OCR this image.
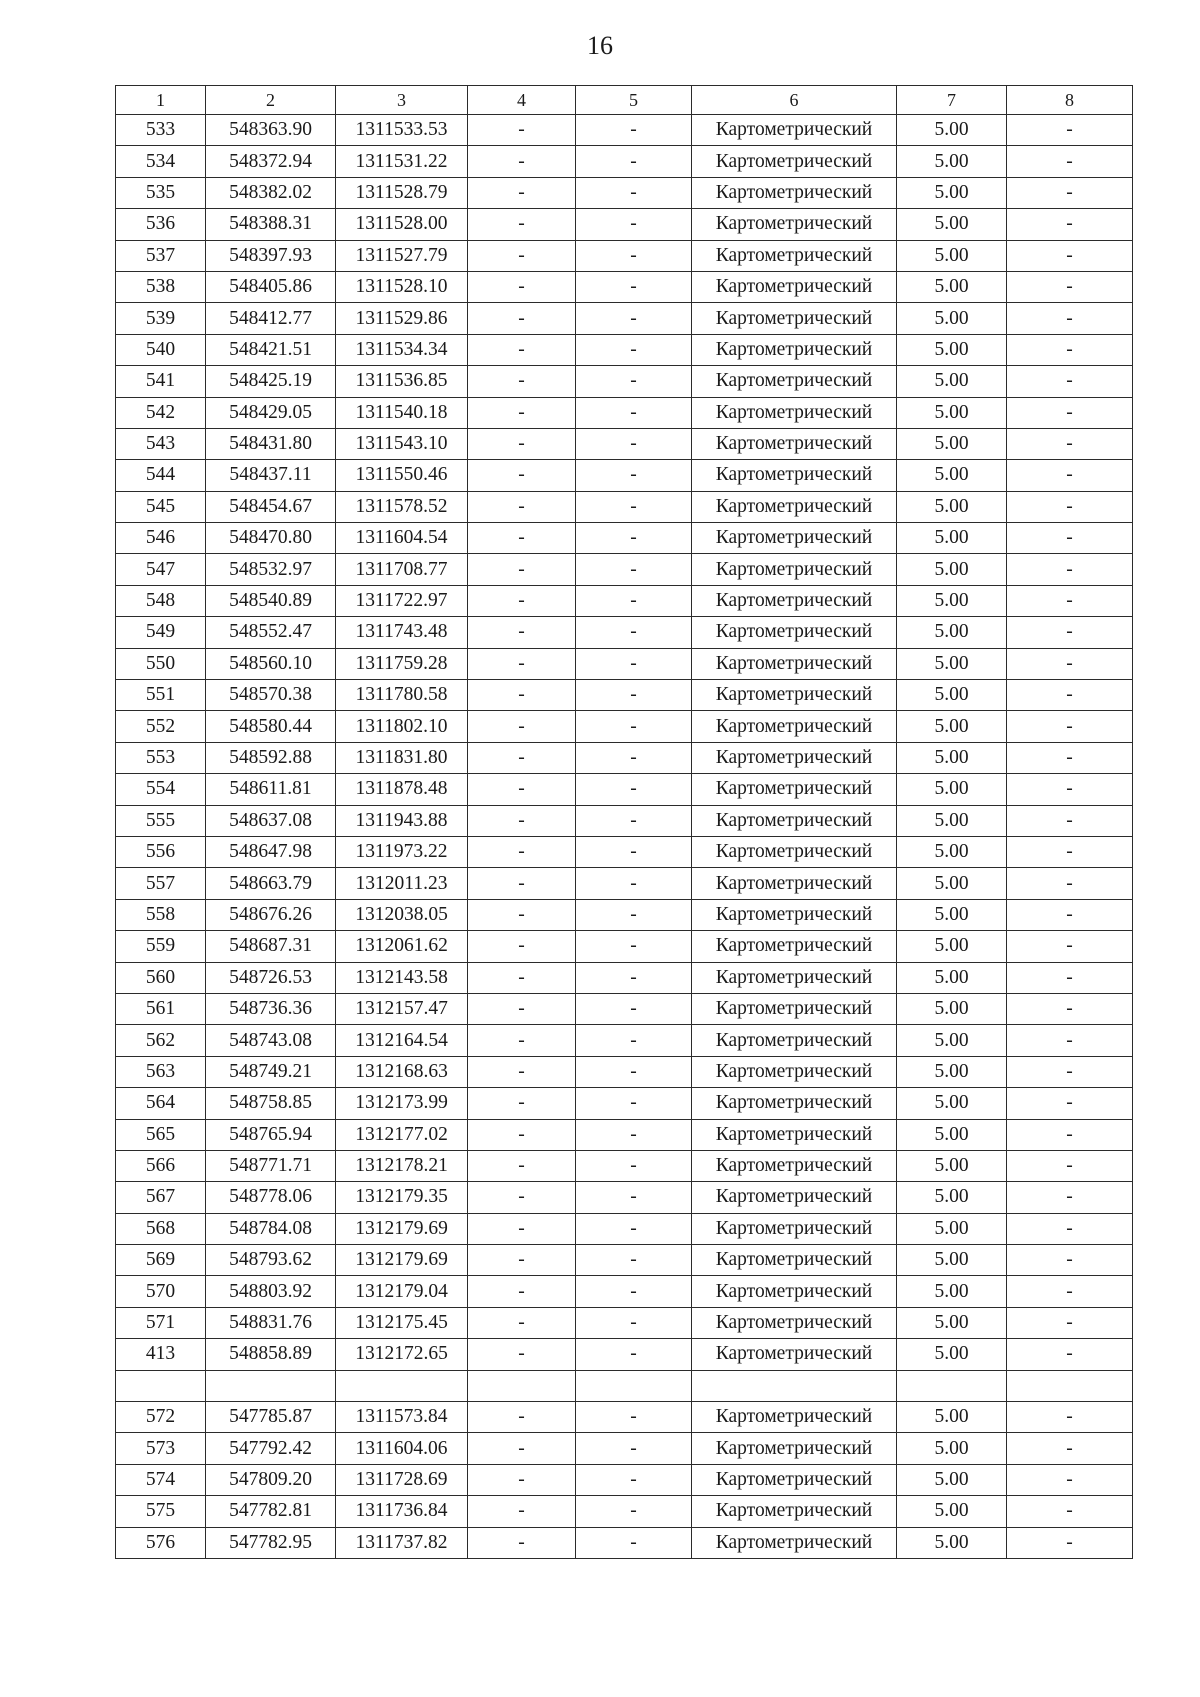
16
1	2	3	4	5	6	7	8
533	548363.90	1311533.53	-	-	Картометрический	5.00	-
534	548372.94	1311531.22	-	-	Картометрический	5.00	-
535	548382.02	1311528.79	-	-	Картометрический	5.00	-
536	548388.31	1311528.00	-	-	Картометрический	5.00	-
537	548397.93	1311527.79	-	-	Картометрический	5.00	-
538	548405.86	1311528.10	-	-	Картометрический	5.00	-
539	548412.77	1311529.86	-	-	Картометрический	5.00	-
540	548421.51	1311534.34	-	-	Картометрический	5.00	-
541	548425.19	1311536.85	-	-	Картометрический	5.00	-
542	548429.05	1311540.18	-	-	Картометрический	5.00	-
543	548431.80	1311543.10	-	-	Картометрический	5.00	-
544	548437.11	1311550.46	-	-	Картометрический	5.00	-
545	548454.67	1311578.52	-	-	Картометрический	5.00	-
546	548470.80	1311604.54	-	-	Картометрический	5.00	-
547	548532.97	1311708.77	-	-	Картометрический	5.00	-
548	548540.89	1311722.97	-	-	Картометрический	5.00	-
549	548552.47	1311743.48	-	-	Картометрический	5.00	-
550	548560.10	1311759.28	-	-	Картометрический	5.00	-
551	548570.38	1311780.58	-	-	Картометрический	5.00	-
552	548580.44	1311802.10	-	-	Картометрический	5.00	-
553	548592.88	1311831.80	-	-	Картометрический	5.00	-
554	548611.81	1311878.48	-	-	Картометрический	5.00	-
555	548637.08	1311943.88	-	-	Картометрический	5.00	-
556	548647.98	1311973.22	-	-	Картометрический	5.00	-
557	548663.79	1312011.23	-	-	Картометрический	5.00	-
558	548676.26	1312038.05	-	-	Картометрический	5.00	-
559	548687.31	1312061.62	-	-	Картометрический	5.00	-
560	548726.53	1312143.58	-	-	Картометрический	5.00	-
561	548736.36	1312157.47	-	-	Картометрический	5.00	-
562	548743.08	1312164.54	-	-	Картометрический	5.00	-
563	548749.21	1312168.63	-	-	Картометрический	5.00	-
564	548758.85	1312173.99	-	-	Картометрический	5.00	-
565	548765.94	1312177.02	-	-	Картометрический	5.00	-
566	548771.71	1312178.21	-	-	Картометрический	5.00	-
567	548778.06	1312179.35	-	-	Картометрический	5.00	-
568	548784.08	1312179.69	-	-	Картометрический	5.00	-
569	548793.62	1312179.69	-	-	Картометрический	5.00	-
570	548803.92	1312179.04	-	-	Картометрический	5.00	-
571	548831.76	1312175.45	-	-	Картометрический	5.00	-
413	548858.89	1312172.65	-	-	Картометрический	5.00	-

572	547785.87	1311573.84	-	-	Картометрический	5.00	-
573	547792.42	1311604.06	-	-	Картометрический	5.00	-
574	547809.20	1311728.69	-	-	Картометрический	5.00	-
575	547782.81	1311736.84	-	-	Картометрический	5.00	-
576	547782.95	1311737.82	-	-	Картометрический	5.00	-
